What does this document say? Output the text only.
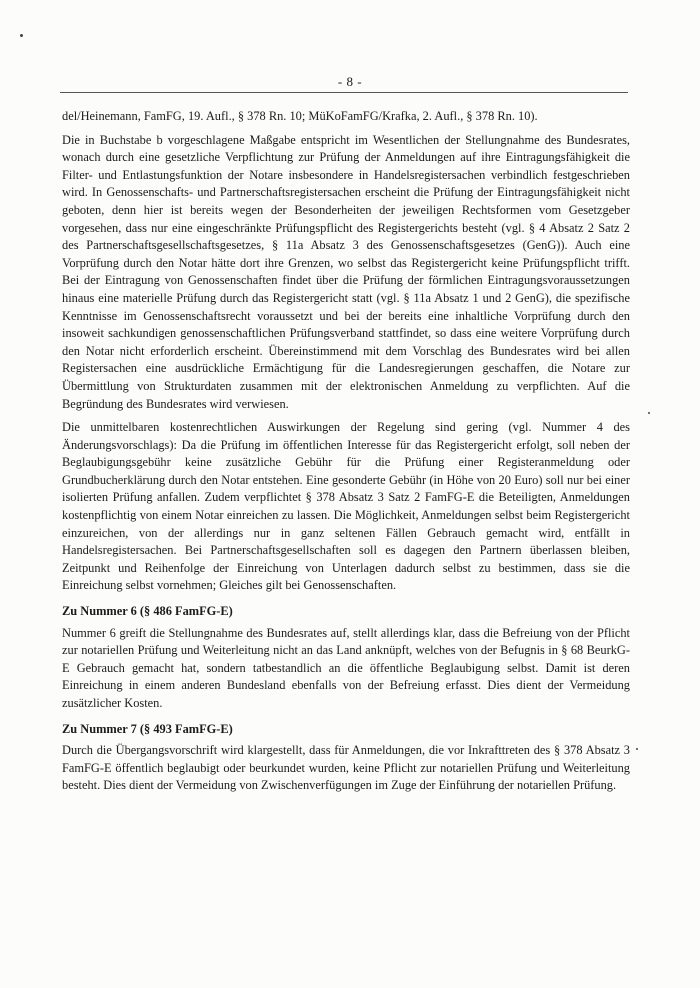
- 8 -

del/Heinemann, FamFG, 19. Aufl., § 378 Rn. 10; MüKoFamFG/Krafka, 2. Aufl., § 378 Rn. 10).

Die in Buchstabe b vorgeschlagene Maßgabe entspricht im Wesentlichen der Stellungnahme des Bundesrates, wonach durch eine gesetzliche Verpflichtung zur Prüfung der Anmeldungen auf ihre Eintragungsfähigkeit die Filter- und Entlastungsfunktion der Notare insbesondere in Handelsregistersachen verbindlich festgeschrieben wird. In Genossenschafts- und Partnerschaftsregistersachen erscheint die Prüfung der Eintragungsfähigkeit nicht geboten, denn hier ist bereits wegen der Besonderheiten der jeweiligen Rechtsformen vom Gesetzgeber vorgesehen, dass nur eine eingeschränkte Prüfungspflicht des Registergerichts besteht (vgl. § 4 Absatz 2 Satz 2 des Partnerschaftsgesellschaftsgesetzes, § 11a Absatz 3 des Genossenschaftsgesetzes (GenG)). Auch eine Vorprüfung durch den Notar hätte dort ihre Grenzen, wo selbst das Registergericht keine Prüfungspflicht trifft. Bei der Eintragung von Genossenschaften findet über die Prüfung der förmlichen Eintragungsvoraussetzungen hinaus eine materielle Prüfung durch das Registergericht statt (vgl. § 11a Absatz 1 und 2 GenG), die spezifische Kenntnisse im Genossenschaftsrecht voraussetzt und bei der bereits eine inhaltliche Vorprüfung durch den insoweit sachkundigen genossenschaftlichen Prüfungsverband stattfindet, so dass eine weitere Vorprüfung durch den Notar nicht erforderlich erscheint. Übereinstimmend mit dem Vorschlag des Bundesrates wird bei allen Registersachen eine ausdrückliche Ermächtigung für die Landesregierungen geschaffen, die Notare zur Übermittlung von Strukturdaten zusammen mit der elektronischen Anmeldung zu verpflichten. Auf die Begründung des Bundesrates wird verwiesen.

Die unmittelbaren kostenrechtlichen Auswirkungen der Regelung sind gering (vgl. Nummer 4 des Änderungsvorschlags): Da die Prüfung im öffentlichen Interesse für das Registergericht erfolgt, soll neben der Beglaubigungsgebühr keine zusätzliche Gebühr für die Prüfung einer Registeranmeldung oder Grundbucherklärung durch den Notar entstehen. Eine gesonderte Gebühr (in Höhe von 20 Euro) soll nur bei einer isolierten Prüfung anfallen. Zudem verpflichtet § 378 Absatz 3 Satz 2 FamFG-E die Beteiligten, Anmeldungen kostenpflichtig von einem Notar einreichen zu lassen. Die Möglichkeit, Anmeldungen selbst beim Registergericht einzureichen, von der allerdings nur in ganz seltenen Fällen Gebrauch gemacht wird, entfällt in Handelsregistersachen. Bei Partnerschaftsgesellschaften soll es dagegen den Partnern überlassen bleiben, Zeitpunkt und Reihenfolge der Einreichung von Unterlagen dadurch selbst zu bestimmen, dass sie die Einreichung selbst vornehmen; Gleiches gilt bei Genossenschaften.

Zu Nummer 6 (§ 486 FamFG-E)

Nummer 6 greift die Stellungnahme des Bundesrates auf, stellt allerdings klar, dass die Befreiung von der Pflicht zur notariellen Prüfung und Weiterleitung nicht an das Land anknüpft, welches von der Befugnis in § 68 BeurkG-E Gebrauch gemacht hat, sondern tatbestandlich an die öffentliche Beglaubigung selbst. Damit ist deren Einreichung in einem anderen Bundesland ebenfalls von der Befreiung erfasst. Dies dient der Vermeidung zusätzlicher Kosten.

Zu Nummer 7 (§ 493 FamFG-E)

Durch die Übergangsvorschrift wird klargestellt, dass für Anmeldungen, die vor Inkrafttreten des § 378 Absatz 3 FamFG-E öffentlich beglaubigt oder beurkundet wurden, keine Pflicht zur notariellen Prüfung und Weiterleitung besteht. Dies dient der Vermeidung von Zwischenverfügungen im Zuge der Einführung der notariellen Prüfung.
